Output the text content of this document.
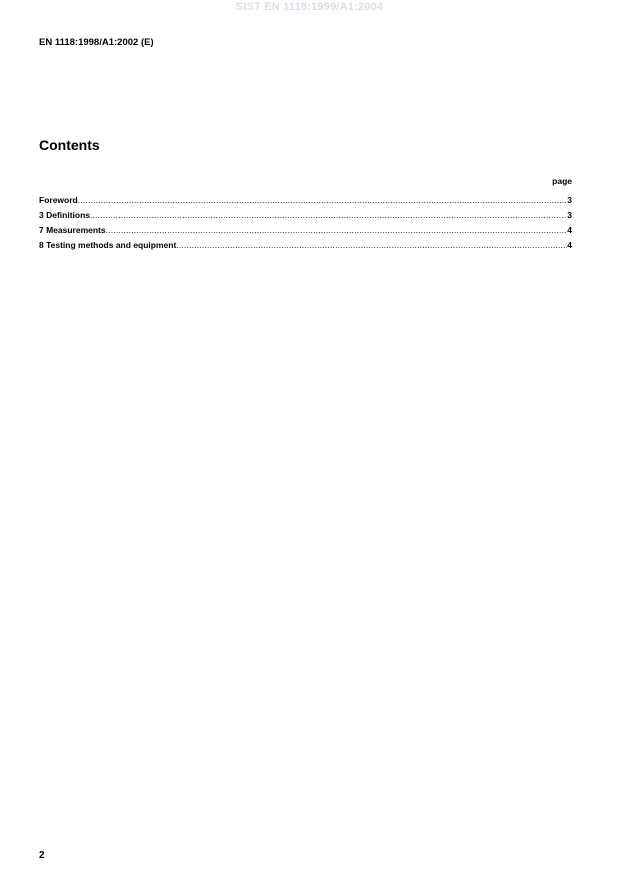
SIST EN 1118:1999/A1:2004
EN 1118:1998/A1:2002 (E)
Contents
page
Foreword .....	3
3 Definitions .....	3
7 Measurements .....	4
8 Testing methods and equipment .....	4
2
